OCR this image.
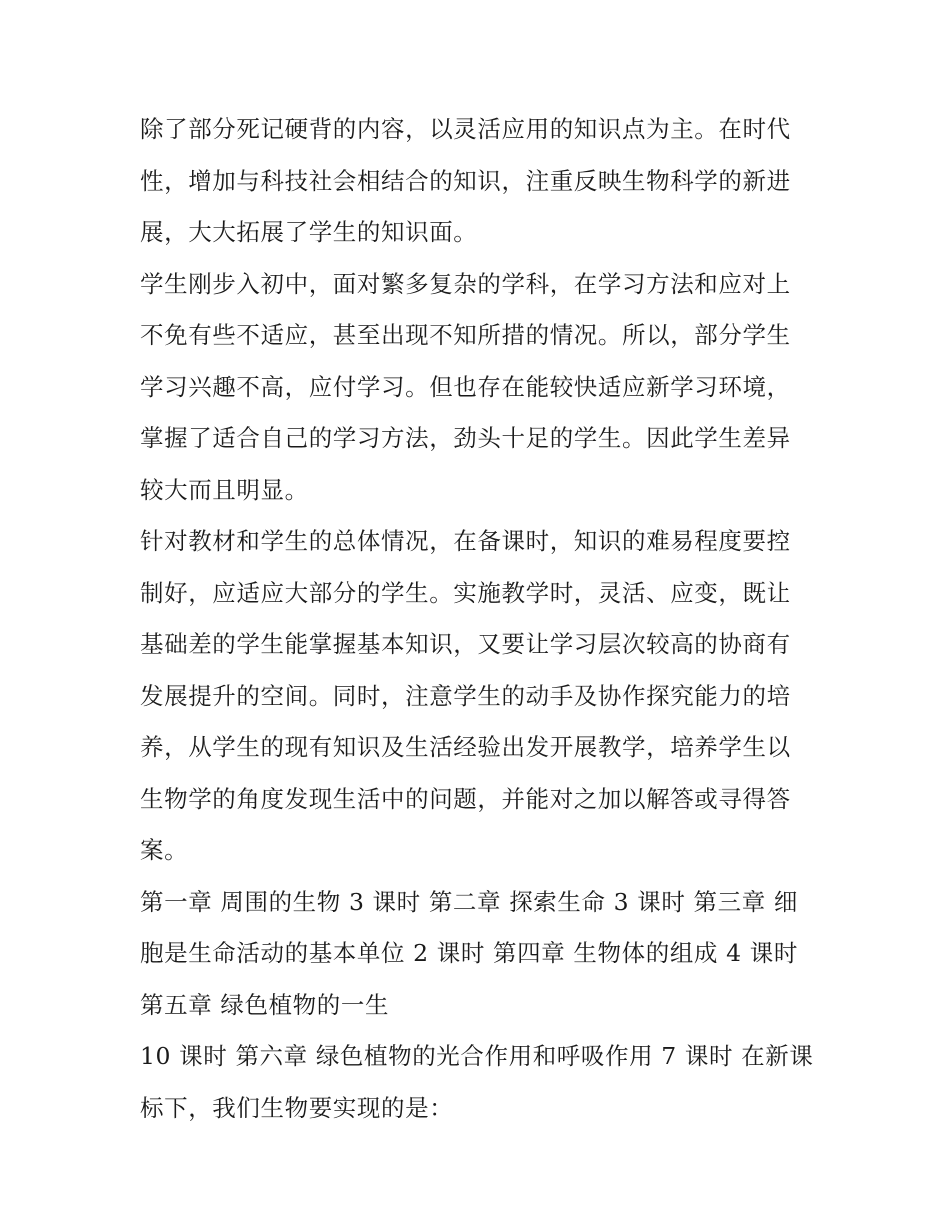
除了部分死记硬背的内容，以灵活应用的知识点为主。在时代
性，增加与科技社会相结合的知识，注重反映生物科学的新进
展，大大拓展了学生的知识面。
学生刚步入初中，面对繁多复杂的学科，在学习方法和应对上
不免有些不适应，甚至出现不知所措的情况。所以，部分学生
学习兴趣不高，应付学习。但也存在能较快适应新学习环境，
掌握了适合自己的学习方法，劲头十足的学生。因此学生差异
较大而且明显。
针对教材和学生的总体情况，在备课时，知识的难易程度要控
制好，应适应大部分的学生。实施教学时，灵活、应变，既让
基础差的学生能掌握基本知识，又要让学习层次较高的协商有
发展提升的空间。同时，注意学生的动手及协作探究能力的培
养，从学生的现有知识及生活经验出发开展教学，培养学生以
生物学的角度发现生活中的问题，并能对之加以解答或寻得答
案。
第一章 周围的生物 3 课时 第二章 探索生命 3 课时 第三章 细
胞是生命活动的基本单位 2 课时 第四章 生物体的组成 4 课时
第五章 绿色植物的一生
10 课时 第六章 绿色植物的光合作用和呼吸作用 7 课时 在新课
标下，我们生物要实现的是：
